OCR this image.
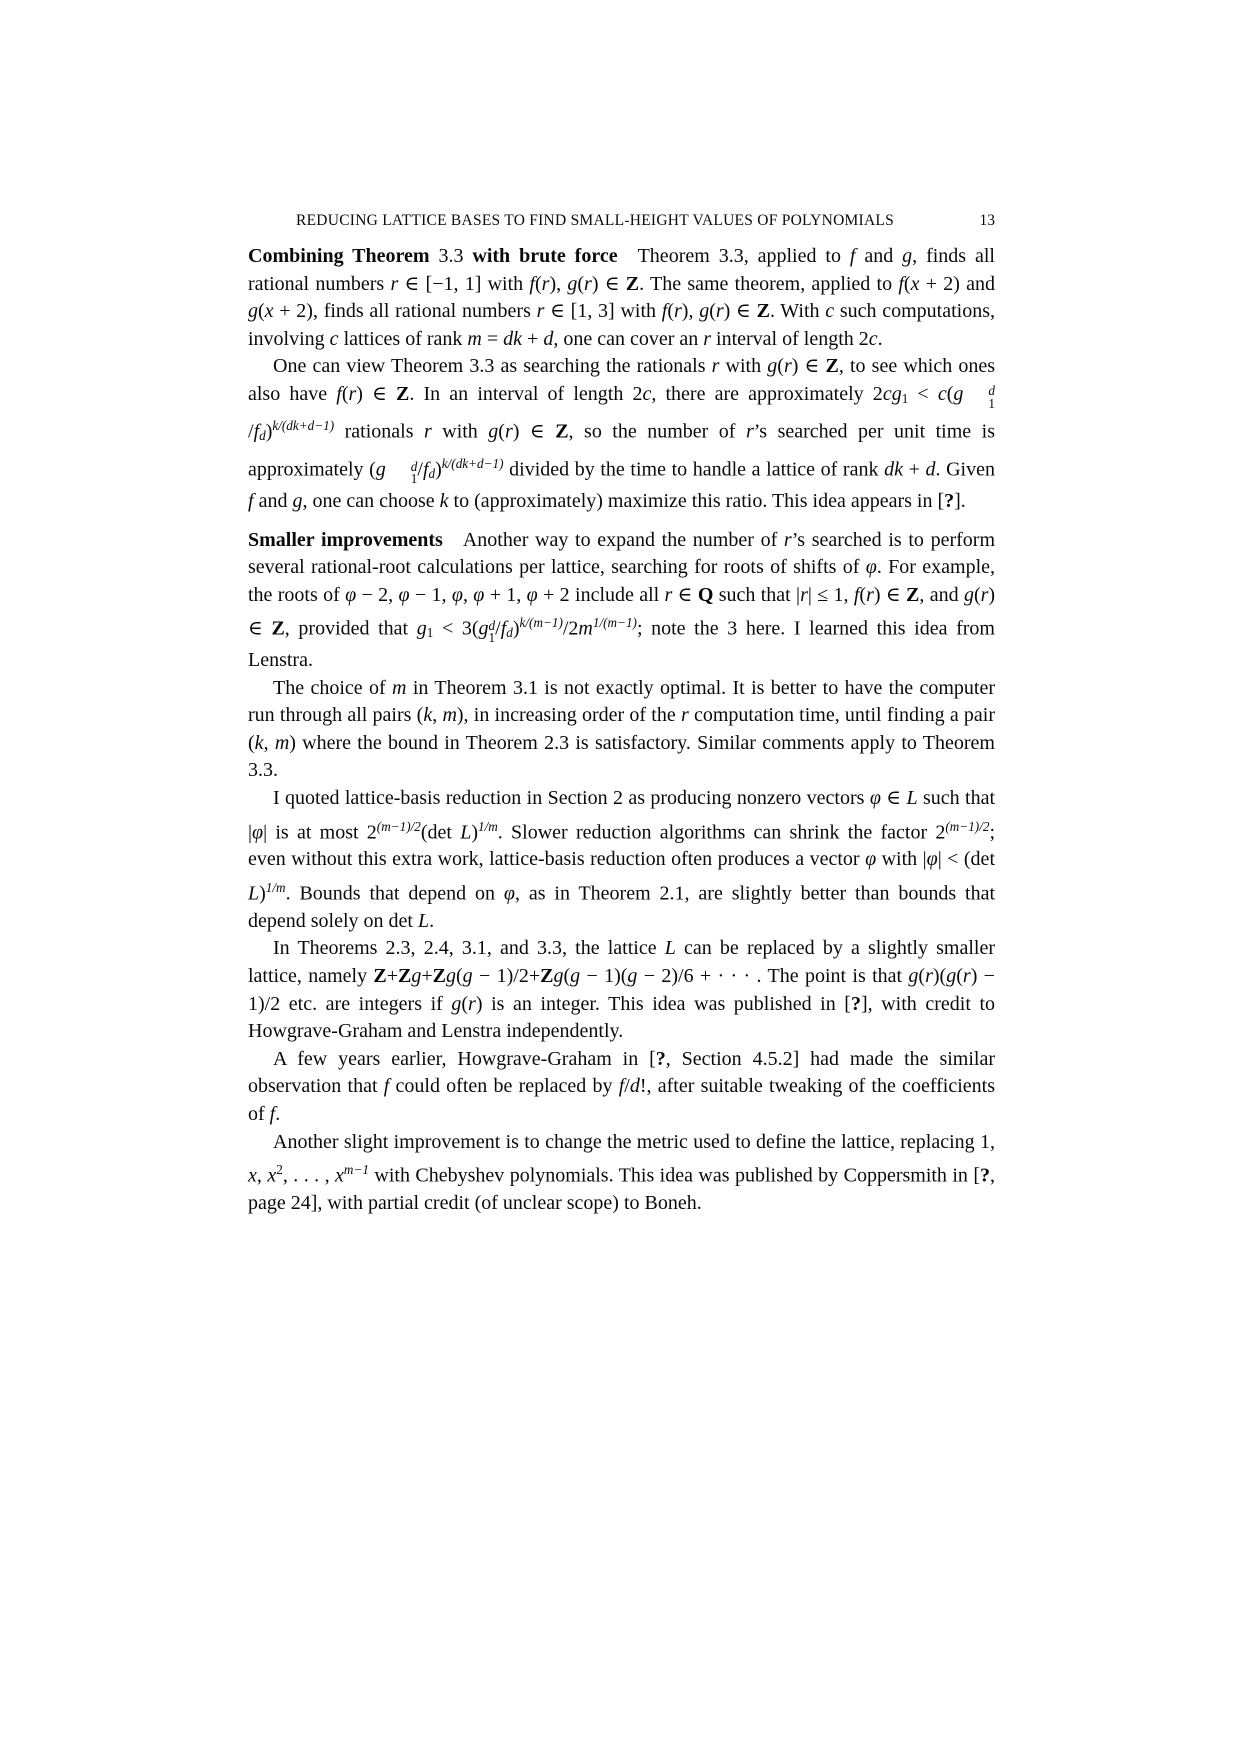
REDUCING LATTICE BASES TO FIND SMALL-HEIGHT VALUES OF POLYNOMIALS	13

Combining Theorem 3.3 with brute force Theorem 3.3, applied to f and g, finds all rational numbers r ∈ [−1, 1] with f(r), g(r) ∈ Z. The same theorem, applied to f(x + 2) and g(x + 2), finds all rational numbers r ∈ [1, 3] with f(r), g(r) ∈ Z. With c such computations, involving c lattices of rank m = dk + d, one can cover an r interval of length 2c.

One can view Theorem 3.3 as searching the rationals r with g(r) ∈ Z, to see which ones also have f(r) ∈ Z. In an interval of length 2c, there are approximately 2cg1 < c(g	d
1
/fd)$^{k/(dk+d-1)}$ rationals r with g(r) ∈ Z, so the number of r’s searched per unit time is approximately (g	d
1 /fd)$^{k/(dk+d-1)}$ divided by the time to handle a lattice of rank dk + d. Given f and g, one can choose k to (approximately) maximize this ratio. This idea appears in [?].

Smaller improvements Another way to expand the number of r’s searched is to perform several rational-root calculations per lattice, searching for roots of shifts of φ. For example, the roots of φ − 2, φ − 1, φ, φ + 1, φ + 2 include all r ∈ Q such that |r| ≤ 1, f(r) ∈ Z, and g(r) ∈ Z, provided that g1 < 3(g d
1 $/fd)^{k/(m-1)}/2m^{1/(m-1)}$; note the 3 here. I learned this idea from Lenstra.

The choice of m in Theorem 3.1 is not exactly optimal. It is better to have the computer run through all pairs (k, m), in increasing order of the r computation time, until finding a pair (k, m) where the bound in Theorem 2.3 is satisfactory. Similar comments apply to Theorem 3.3.

I quoted lattice-basis reduction in Section 2 as producing nonzero vectors φ ∈ L such that |φ| is at most $2^{(m-1)/2}(\det$ L)$^{1/m}$. Slower reduction algorithms can shrink the factor $2^{(m-1)/2}$; even without this extra work, lattice-basis reduction often produces a vector φ with |φ| < (det L)$^{1/m}$. Bounds that depend on φ, as in Theorem 2.1, are slightly better than bounds that depend solely on det L.

In Theorems 2.3, 2.4, 3.1, and 3.3, the lattice L can be replaced by a slightly smaller lattice, namely Z+Zg+Zg(g − 1)/2+Zg(g − 1)(g − 2)/6 + · · · . The point is that g(r)(g(r) − 1)/2 etc. are integers if g(r) is an integer. This idea was published in [?], with credit to Howgrave-Graham and Lenstra independently.

A few years earlier, Howgrave-Graham in [?, Section 4.5.2] had made the similar observation that f could often be replaced by f/d!, after suitable tweaking of the coefficients of f.

Another slight improvement is to change the metric used to define the lattice, replacing 1, x, $x^2$, . . . , $x^{m-1}$ with Chebyshev polynomials. This idea was published by Coppersmith in [?, page 24], with partial credit (of unclear scope) to Boneh.
